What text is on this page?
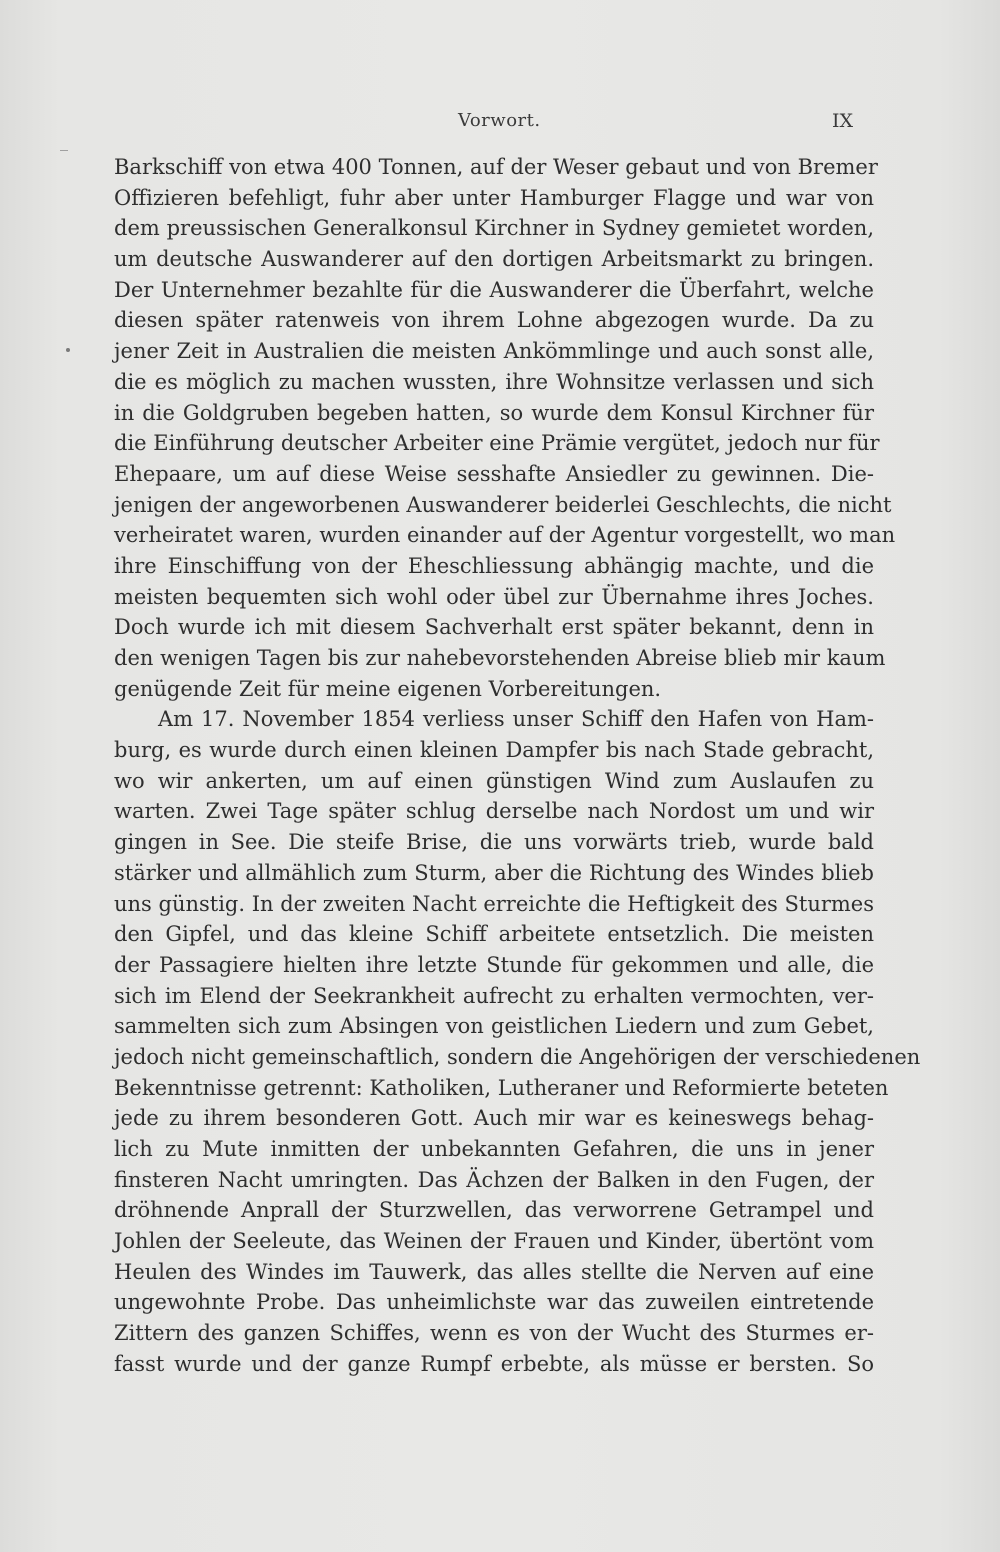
Vorwort.	IX
Barkschiff von etwa 400 Tonnen, auf der Weser gebaut und von Bremer
Offizieren befehligt, fuhr aber unter Hamburger Flagge und war von
dem preussischen Generalkonsul Kirchner in Sydney gemietet worden,
um deutsche Auswanderer auf den dortigen Arbeitsmarkt zu bringen.
Der Unternehmer bezahlte für die Auswanderer die Überfahrt, welche
diesen später ratenweis von ihrem Lohne abgezogen wurde. Da zu
jener Zeit in Australien die meisten Ankömmlinge und auch sonst alle,
die es möglich zu machen wussten, ihre Wohnsitze verlassen und sich
in die Goldgruben begeben hatten, so wurde dem Konsul Kirchner für
die Einführung deutscher Arbeiter eine Prämie vergütet, jedoch nur für
Ehepaare, um auf diese Weise sesshafte Ansiedler zu gewinnen. Die-
jenigen der angeworbenen Auswanderer beiderlei Geschlechts, die nicht
verheiratet waren, wurden einander auf der Agentur vorgestellt, wo man
ihre Einschiffung von der Eheschliessung abhängig machte, und die
meisten bequemten sich wohl oder übel zur Übernahme ihres Joches.
Doch wurde ich mit diesem Sachverhalt erst später bekannt, denn in
den wenigen Tagen bis zur nahebevorstehenden Abreise blieb mir kaum
genügende Zeit für meine eigenen Vorbereitungen.
Am 17. November 1854 verliess unser Schiff den Hafen von Ham-
burg, es wurde durch einen kleinen Dampfer bis nach Stade gebracht,
wo wir ankerten, um auf einen günstigen Wind zum Auslaufen zu
warten. Zwei Tage später schlug derselbe nach Nordost um und wir
gingen in See. Die steife Brise, die uns vorwärts trieb, wurde bald
stärker und allmählich zum Sturm, aber die Richtung des Windes blieb
uns günstig. In der zweiten Nacht erreichte die Heftigkeit des Sturmes
den Gipfel, und das kleine Schiff arbeitete entsetzlich. Die meisten
der Passagiere hielten ihre letzte Stunde für gekommen und alle, die
sich im Elend der Seekrankheit aufrecht zu erhalten vermochten, ver-
sammelten sich zum Absingen von geistlichen Liedern und zum Gebet,
jedoch nicht gemeinschaftlich, sondern die Angehörigen der verschiedenen
Bekenntnisse getrennt: Katholiken, Lutheraner und Reformierte beteten
jede zu ihrem besonderen Gott. Auch mir war es keineswegs behag-
lich zu Mute inmitten der unbekannten Gefahren, die uns in jener
finsteren Nacht umringten. Das Ächzen der Balken in den Fugen, der
dröhnende Anprall der Sturzwellen, das verworrene Getrampel und
Johlen der Seeleute, das Weinen der Frauen und Kinder, übertönt vom
Heulen des Windes im Tauwerk, das alles stellte die Nerven auf eine
ungewohnte Probe. Das unheimlichste war das zuweilen eintretende
Zittern des ganzen Schiffes, wenn es von der Wucht des Sturmes er-
fasst wurde und der ganze Rumpf erbebte, als müsse er bersten. So
